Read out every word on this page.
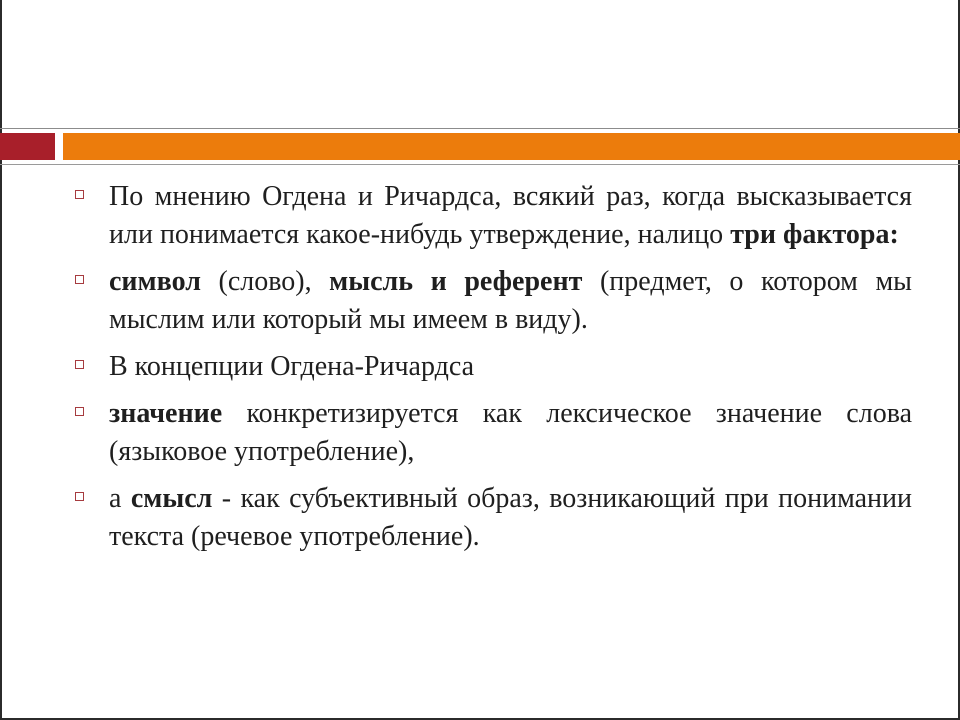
По мнению Огдена и Ричардса, всякий раз, когда высказывается или понимается какое-нибудь утверждение, налицо три фактора:
символ (слово), мысль и референт (предмет, о котором мы мыслим или который мы имеем в виду).
В концепции Огдена-Ричардса
значение конкретизируется как лексическое значение слова (языковое употребление),
а смысл - как субъективный образ, возникающий при понимании текста (речевое употребление).
